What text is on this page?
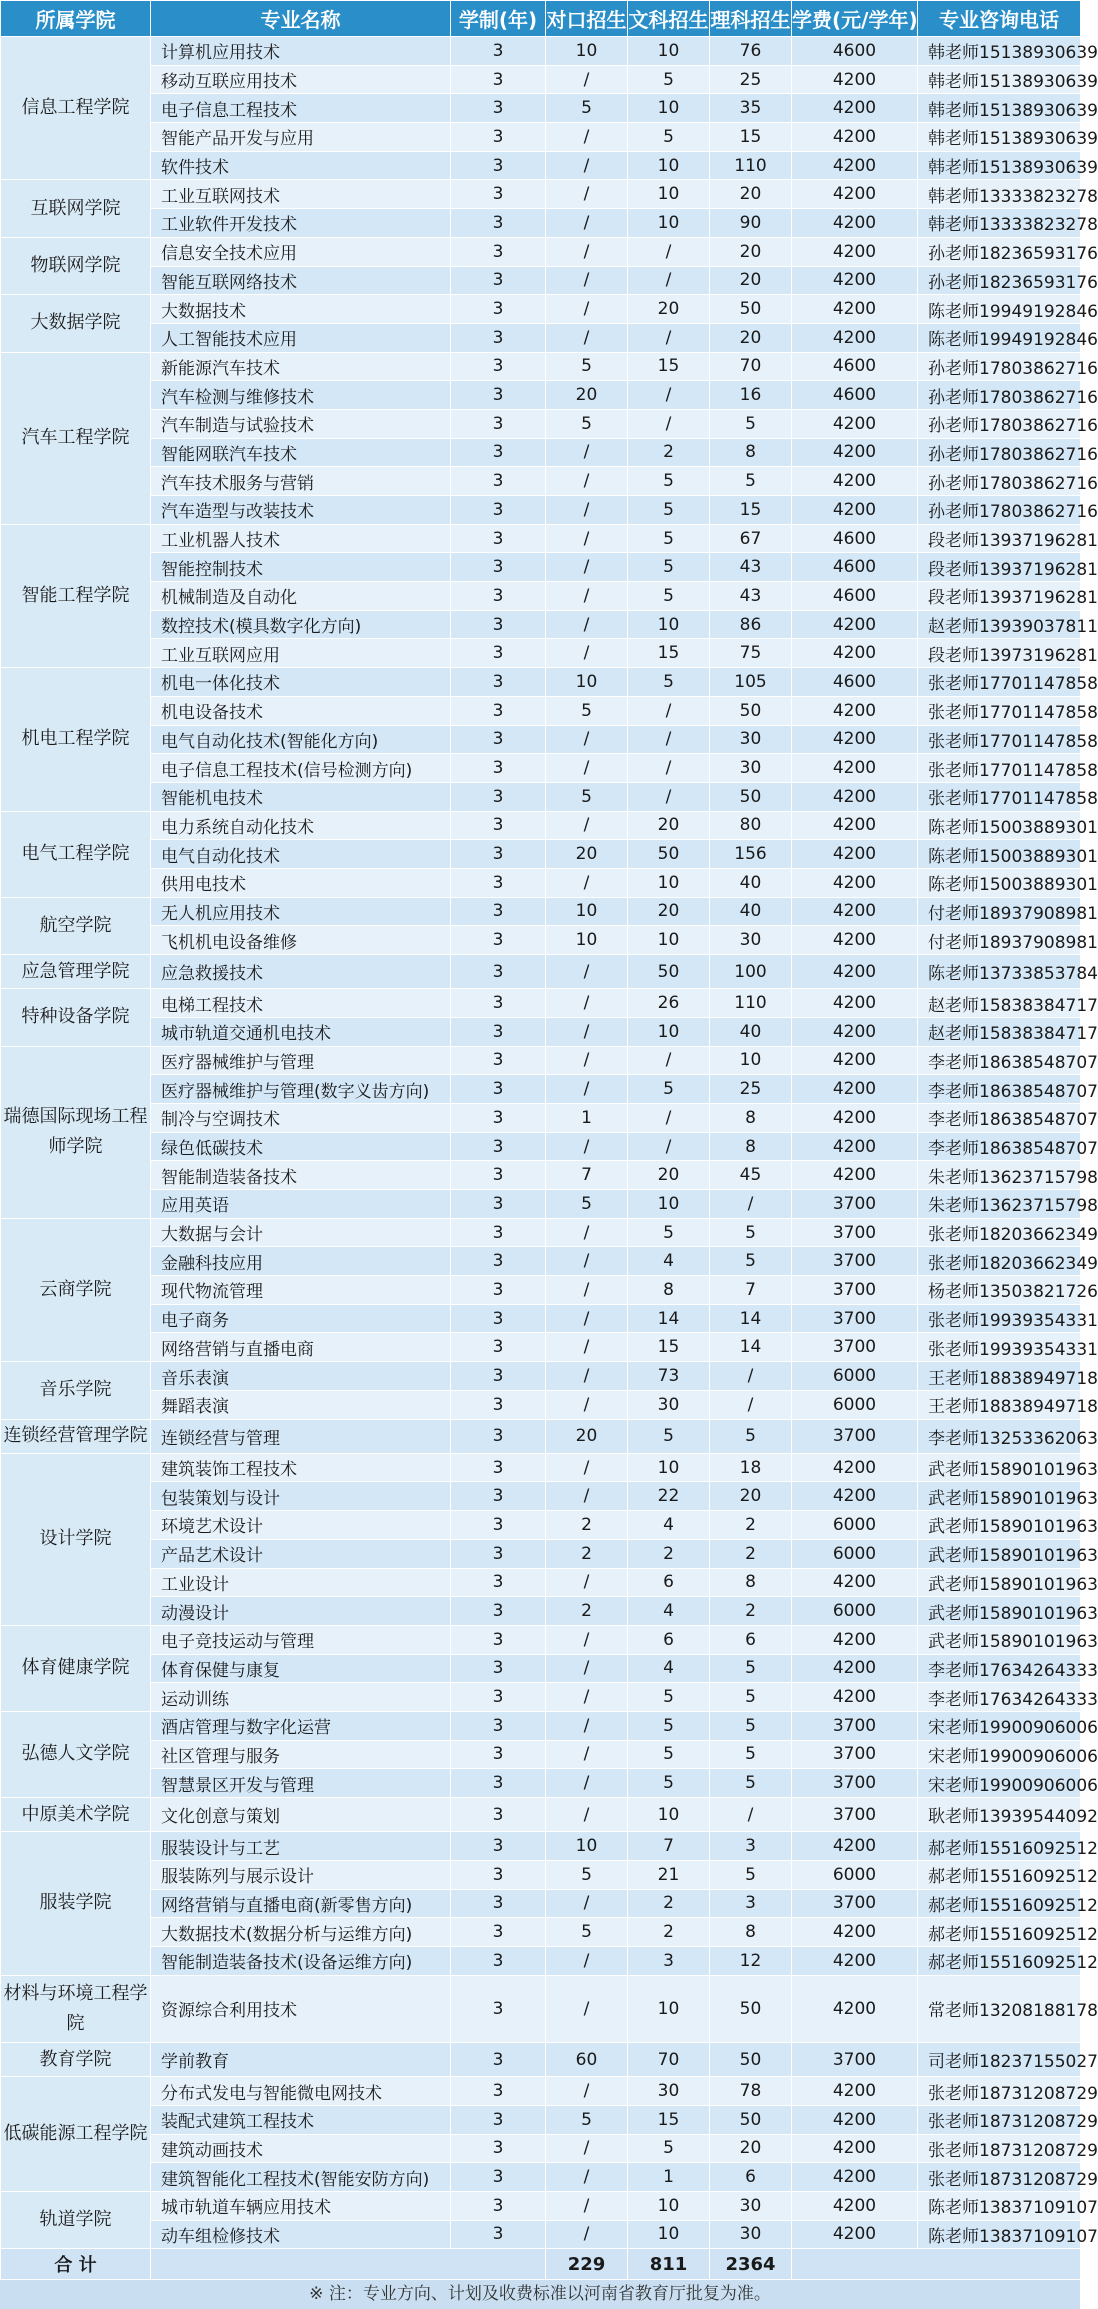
所属学院	专业名称	学制(年)	对口招生	文科招生	理科招生	学费(元/学年)	专业咨询电话
信息工程学院	计算机应用技术	3	10	10	76	4600	韩老师15138930639
	移动互联应用技术	3	/	5	25	4200	韩老师15138930639
	电子信息工程技术	3	5	10	35	4200	韩老师15138930639
	智能产品开发与应用	3	/	5	15	4200	韩老师15138930639
	软件技术	3	/	10	110	4200	韩老师15138930639
互联网学院	工业互联网技术	3	/	10	20	4200	韩老师13333823278
	工业软件开发技术	3	/	10	90	4200	韩老师13333823278
物联网学院	信息安全技术应用	3	/	/	20	4200	孙老师18236593176
	智能互联网络技术	3	/	/	20	4200	孙老师18236593176
大数据学院	大数据技术	3	/	20	50	4200	陈老师19949192846
	人工智能技术应用	3	/	/	20	4200	陈老师19949192846
汽车工程学院	新能源汽车技术	3	5	15	70	4600	孙老师17803862716
	汽车检测与维修技术	3	20	/	16	4600	孙老师17803862716
	汽车制造与试验技术	3	5	/	5	4200	孙老师17803862716
	智能网联汽车技术	3	/	2	8	4200	孙老师17803862716
	汽车技术服务与营销	3	/	5	5	4200	孙老师17803862716
	汽车造型与改装技术	3	/	5	15	4200	孙老师17803862716
智能工程学院	工业机器人技术	3	/	5	67	4600	段老师13937196281
	智能控制技术	3	/	5	43	4600	段老师13937196281
	机械制造及自动化	3	/	5	43	4600	段老师13937196281
	数控技术(模具数字化方向)	3	/	10	86	4200	赵老师13939037811
	工业互联网应用	3	/	15	75	4200	段老师13973196281
机电工程学院	机电一体化技术	3	10	5	105	4600	张老师17701147858
	机电设备技术	3	5	/	50	4200	张老师17701147858
	电气自动化技术(智能化方向)	3	/	/	30	4200	张老师17701147858
	电子信息工程技术(信号检测方向)	3	/	/	30	4200	张老师17701147858
	智能机电技术	3	5	/	50	4200	张老师17701147858
电气工程学院	电力系统自动化技术	3	/	20	80	4200	陈老师15003889301
	电气自动化技术	3	20	50	156	4200	陈老师15003889301
	供用电技术	3	/	10	40	4200	陈老师15003889301
航空学院	无人机应用技术	3	10	20	40	4200	付老师18937908981
	飞机机电设备维修	3	10	10	30	4200	付老师18937908981
应急管理学院	应急救援技术	3	/	50	100	4200	陈老师13733853784
特种设备学院	电梯工程技术	3	/	26	110	4200	赵老师15838384717
	城市轨道交通机电技术	3	/	10	40	4200	赵老师15838384717
瑞德国际现场工程师学院	医疗器械维护与管理	3	/	/	10	4200	李老师18638548707
	医疗器械维护与管理(数字义齿方向)	3	/	5	25	4200	李老师18638548707
	制冷与空调技术	3	1	/	8	4200	李老师18638548707
	绿色低碳技术	3	/	/	8	4200	李老师18638548707
	智能制造装备技术	3	7	20	45	4200	朱老师13623715798
	应用英语	3	5	10	/	3700	朱老师13623715798
云商学院	大数据与会计	3	/	5	5	3700	张老师18203662349
	金融科技应用	3	/	4	5	3700	张老师18203662349
	现代物流管理	3	/	8	7	3700	杨老师13503821726
	电子商务	3	/	14	14	3700	张老师19939354331
	网络营销与直播电商	3	/	15	14	3700	张老师19939354331
音乐学院	音乐表演	3	/	73	/	6000	王老师18838949718
	舞蹈表演	3	/	30	/	6000	王老师18838949718
连锁经营管理学院	连锁经营与管理	3	20	5	5	3700	李老师13253362063
设计学院	建筑装饰工程技术	3	/	10	18	4200	武老师15890101963
	包装策划与设计	3	/	22	20	4200	武老师15890101963
	环境艺术设计	3	2	4	2	6000	武老师15890101963
	产品艺术设计	3	2	2	2	6000	武老师15890101963
	工业设计	3	/	6	8	4200	武老师15890101963
	动漫设计	3	2	4	2	6000	武老师15890101963
体育健康学院	电子竞技运动与管理	3	/	6	6	4200	武老师15890101963
	体育保健与康复	3	/	4	5	4200	李老师17634264333
	运动训练	3	/	5	5	4200	李老师17634264333
弘德人文学院	酒店管理与数字化运营	3	/	5	5	3700	宋老师19900906006
	社区管理与服务	3	/	5	5	3700	宋老师19900906006
	智慧景区开发与管理	3	/	5	5	3700	宋老师19900906006
中原美术学院	文化创意与策划	3	/	10	/	3700	耿老师13939544092
服装学院	服装设计与工艺	3	10	7	3	4200	郝老师15516092512
	服装陈列与展示设计	3	5	21	5	6000	郝老师15516092512
	网络营销与直播电商(新零售方向)	3	/	2	3	3700	郝老师15516092512
	大数据技术(数据分析与运维方向)	3	5	2	8	4200	郝老师15516092512
	智能制造装备技术(设备运维方向)	3	/	3	12	4200	郝老师15516092512
材料与环境工程学院	资源综合利用技术	3	/	10	50	4200	常老师13208188178
教育学院	学前教育	3	60	70	50	3700	司老师18237155027
低碳能源工程学院	分布式发电与智能微电网技术	3	/	30	78	4200	张老师18731208729
	装配式建筑工程技术	3	5	15	50	4200	张老师18731208729
	建筑动画技术	3	/	5	20	4200	张老师18731208729
	建筑智能化工程技术(智能安防方向)	3	/	1	6	4200	张老师18731208729
轨道学院	城市轨道车辆应用技术	3	/	10	30	4200	陈老师13837109107
	动车组检修技术	3	/	10	30	4200	陈老师13837109107
合 计			229	811	2364		
※ 注：专业方向、计划及收费标准以河南省教育厅批复为准。
